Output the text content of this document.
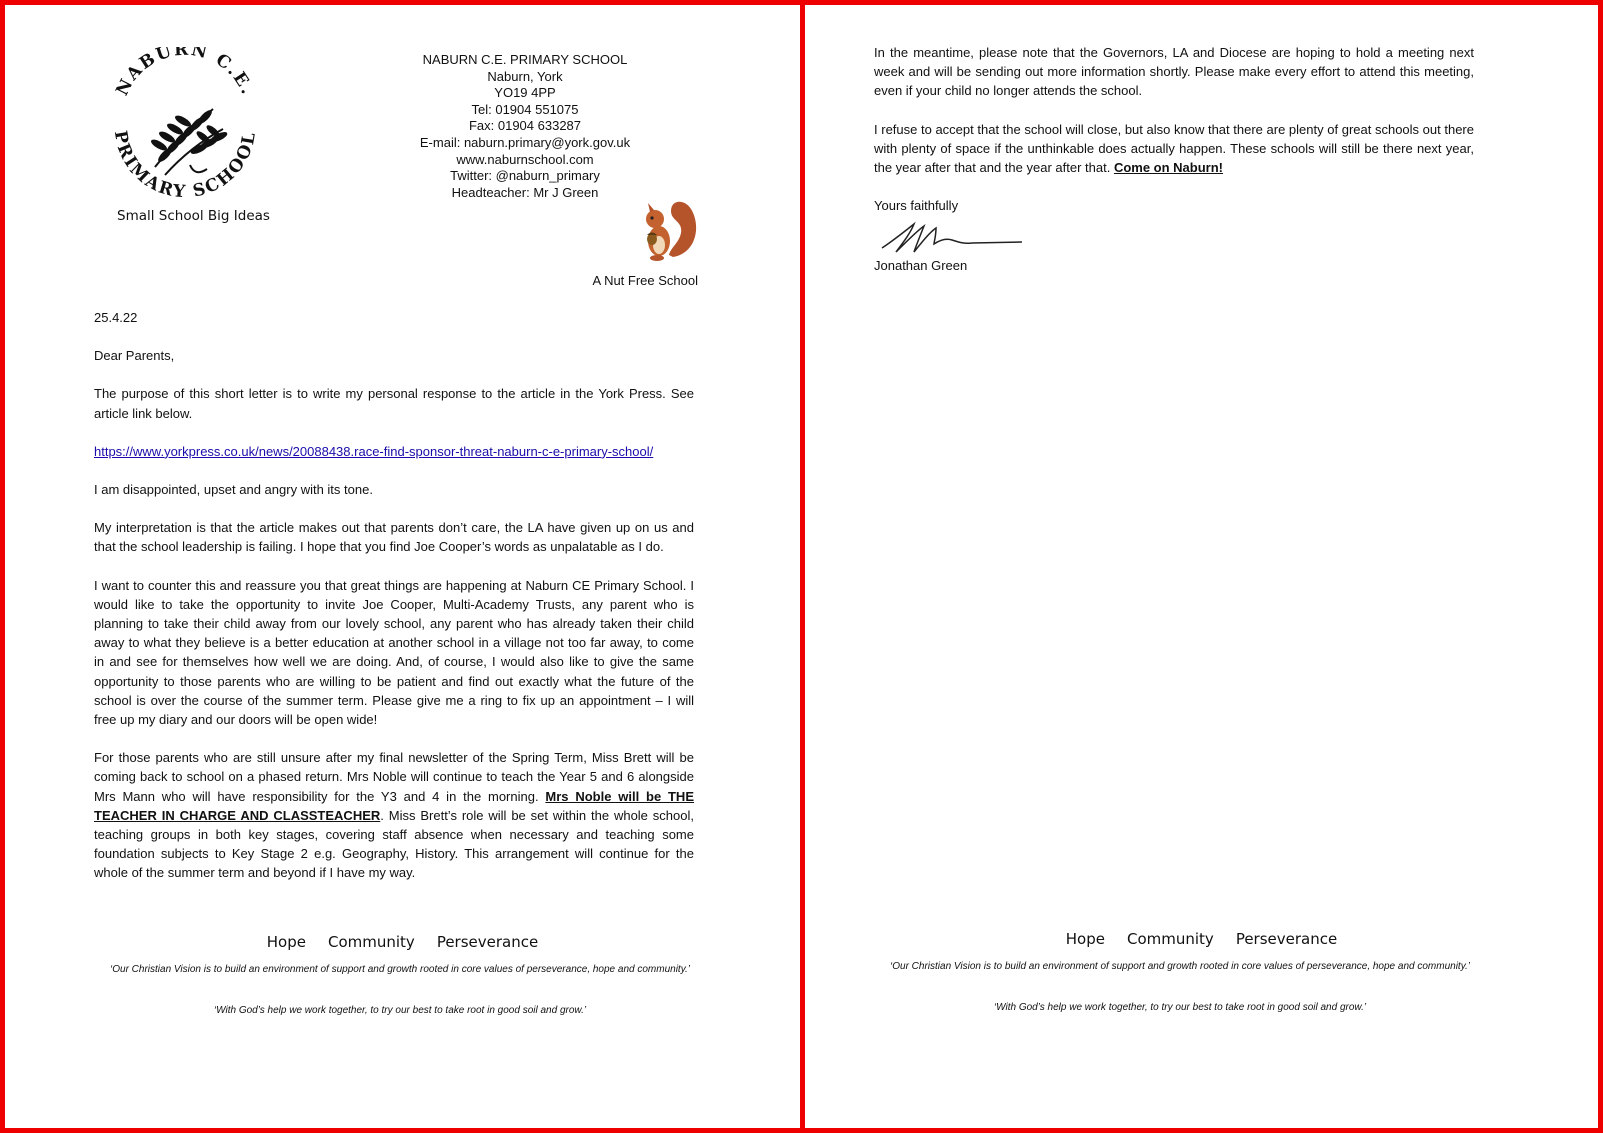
NABURN C.E.
PRIMARY SCHOOL
Small School Big Ideas
NABURN C.E. PRIMARY SCHOOL
Naburn, York
YO19 4PP
Tel: 01904 551075
Fax: 01904 633287
E-mail: naburn.primary@york.gov.uk
www.naburnschool.com
Twitter: @naburn_primary
Headteacher: Mr J Green
A Nut Free School

25.4.22

Dear Parents,

The purpose of this short letter is to write my personal response to the article in the York Press. See article link below.

https://www.yorkpress.co.uk/news/20088438.race-find-sponsor-threat-naburn-c-e-primary-school/

I am disappointed, upset and angry with its tone.

My interpretation is that the article makes out that parents don’t care, the LA have given up on us and that the school leadership is failing. I hope that you find Joe Cooper’s words as unpalatable as I do.

I want to counter this and reassure you that great things are happening at Naburn CE Primary School. I would like to take the opportunity to invite Joe Cooper, Multi-Academy Trusts, any parent who is planning to take their child away from our lovely school, any parent who has already taken their child away to what they believe is a better education at another school in a village not too far away, to come in and see for themselves how well we are doing. And, of course, I would also like to give the same opportunity to those parents who are willing to be patient and find out exactly what the future of the school is over the course of the summer term. Please give me a ring to fix up an appointment – I will free up my diary and our doors will be open wide!

For those parents who are still unsure after my final newsletter of the Spring Term, Miss Brett will be coming back to school on a phased return. Mrs Noble will continue to teach the Year 5 and 6 alongside Mrs Mann who will have responsibility for the Y3 and 4 in the morning. Mrs Noble will be THE TEACHER IN CHARGE AND CLASSTEACHER. Miss Brett’s role will be set within the whole school, teaching groups in both key stages, covering staff absence when necessary and teaching some foundation subjects to Key Stage 2 e.g. Geography, History. This arrangement will continue for the whole of the summer term and beyond if I have my way.

Hope Community Perseverance
‘Our Christian Vision is to build an environment of support and growth rooted in core values of perseverance, hope and community.’
‘With God’s help we work together, to try our best to take root in good soil and grow.’

In the meantime, please note that the Governors, LA and Diocese are hoping to hold a meeting next week and will be sending out more information shortly. Please make every effort to attend this meeting, even if your child no longer attends the school.

I refuse to accept that the school will close, but also know that there are plenty of great schools out there with plenty of space if the unthinkable does actually happen. These schools will still be there next year, the year after that and the year after that. Come on Naburn!

Yours faithfully

Jonathan Green
Hope Community Perseverance
‘Our Christian Vision is to build an environment of support and growth rooted in core values of perseverance, hope and community.’
‘With God’s help we work together, to try our best to take root in good soil and grow.’
